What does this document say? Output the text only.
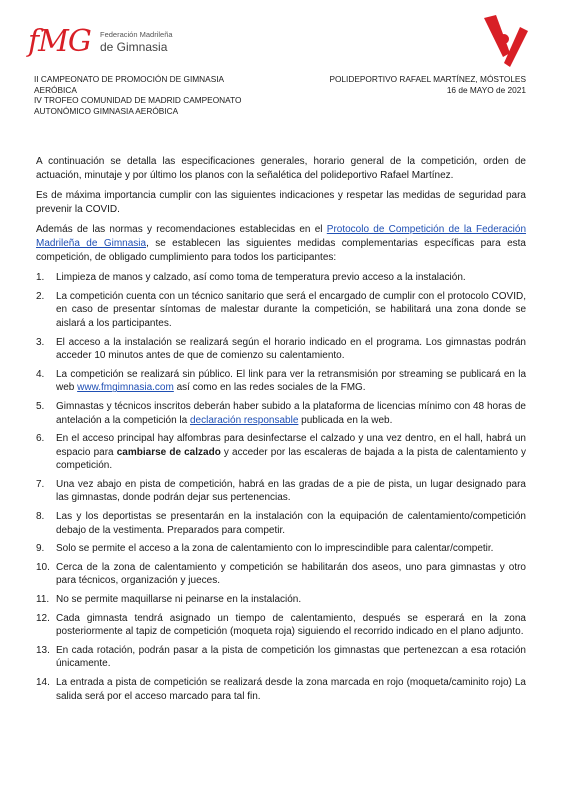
fMG Federación Madrileña
de Gimnasia
II CAMPEONATO DE PROMOCIÓN DE GIMNASIA
AERÓBICA
IV TROFEO COMUNIDAD DE MADRID CAMPEONATO
AUTONÓMICO GIMNASIA AERÓBICA
POLIDEPORTIVO RAFAEL MARTÍNEZ, MÓSTOLES
16 de MAYO de 2021

A continuación se detalla las especificaciones generales, horario general de la competición, orden de actuación, minutaje y por último los planos con la señalética del polideportivo Rafael Martínez.

Es de máxima importancia cumplir con las siguientes indicaciones y respetar las medidas de seguridad para prevenir la COVID.

Además de las normas y recomendaciones establecidas en el Protocolo de Competición de la Federación Madrileña de Gimnasia, se establecen las siguientes medidas complementarias específicas para esta competición, de obligado cumplimiento para todos los participantes:

1.	Limpieza de manos y calzado, así como toma de temperatura previo acceso a la instalación.
2.	La competición cuenta con un técnico sanitario que será el encargado de cumplir con el protocolo COVID, en caso de presentar síntomas de malestar durante la competición, se habilitará una zona donde se aislará a los participantes.
3.	El acceso a la instalación se realizará según el horario indicado en el programa. Los gimnastas podrán acceder 10 minutos antes de que de comienzo su calentamiento.
4.	La competición se realizará sin público. El link para ver la retransmisión por streaming se publicará en la web www.fmgimnasia.com así como en las redes sociales de la FMG.
5.	Gimnastas y técnicos inscritos deberán haber subido a la plataforma de licencias mínimo con 48 horas de antelación a la competición la declaración responsable publicada en la web.
6.	En el acceso principal hay alfombras para desinfectarse el calzado y una vez dentro, en el hall, habrá un espacio para cambiarse de calzado y acceder por las escaleras de bajada a la pista de calentamiento y competición.
7.	Una vez abajo en pista de competición, habrá en las gradas de a pie de pista, un lugar designado para las gimnastas, donde podrán dejar sus pertenencias.
8.	Las y los deportistas se presentarán en la instalación con la equipación de calentamiento/competición debajo de la vestimenta. Preparados para competir.
9.	Solo se permite el acceso a la zona de calentamiento con lo imprescindible para calentar/competir.
10. Cerca de la zona de calentamiento y competición se habilitarán dos aseos, uno para gimnastas y otro para técnicos, organización y jueces.
11. No se permite maquillarse ni peinarse en la instalación.
12. Cada gimnasta tendrá asignado un tiempo de calentamiento, después se esperará en la zona posteriormente al tapiz de competición (moqueta roja) siguiendo el recorrido indicado en el plano adjunto.
13. En cada rotación, podrán pasar a la pista de competición los gimnastas que pertenezcan a esa rotación únicamente.
14. La entrada a pista de competición se realizará desde la zona marcada en rojo (moqueta/caminito rojo) La salida será por el acceso marcado para tal fin.
